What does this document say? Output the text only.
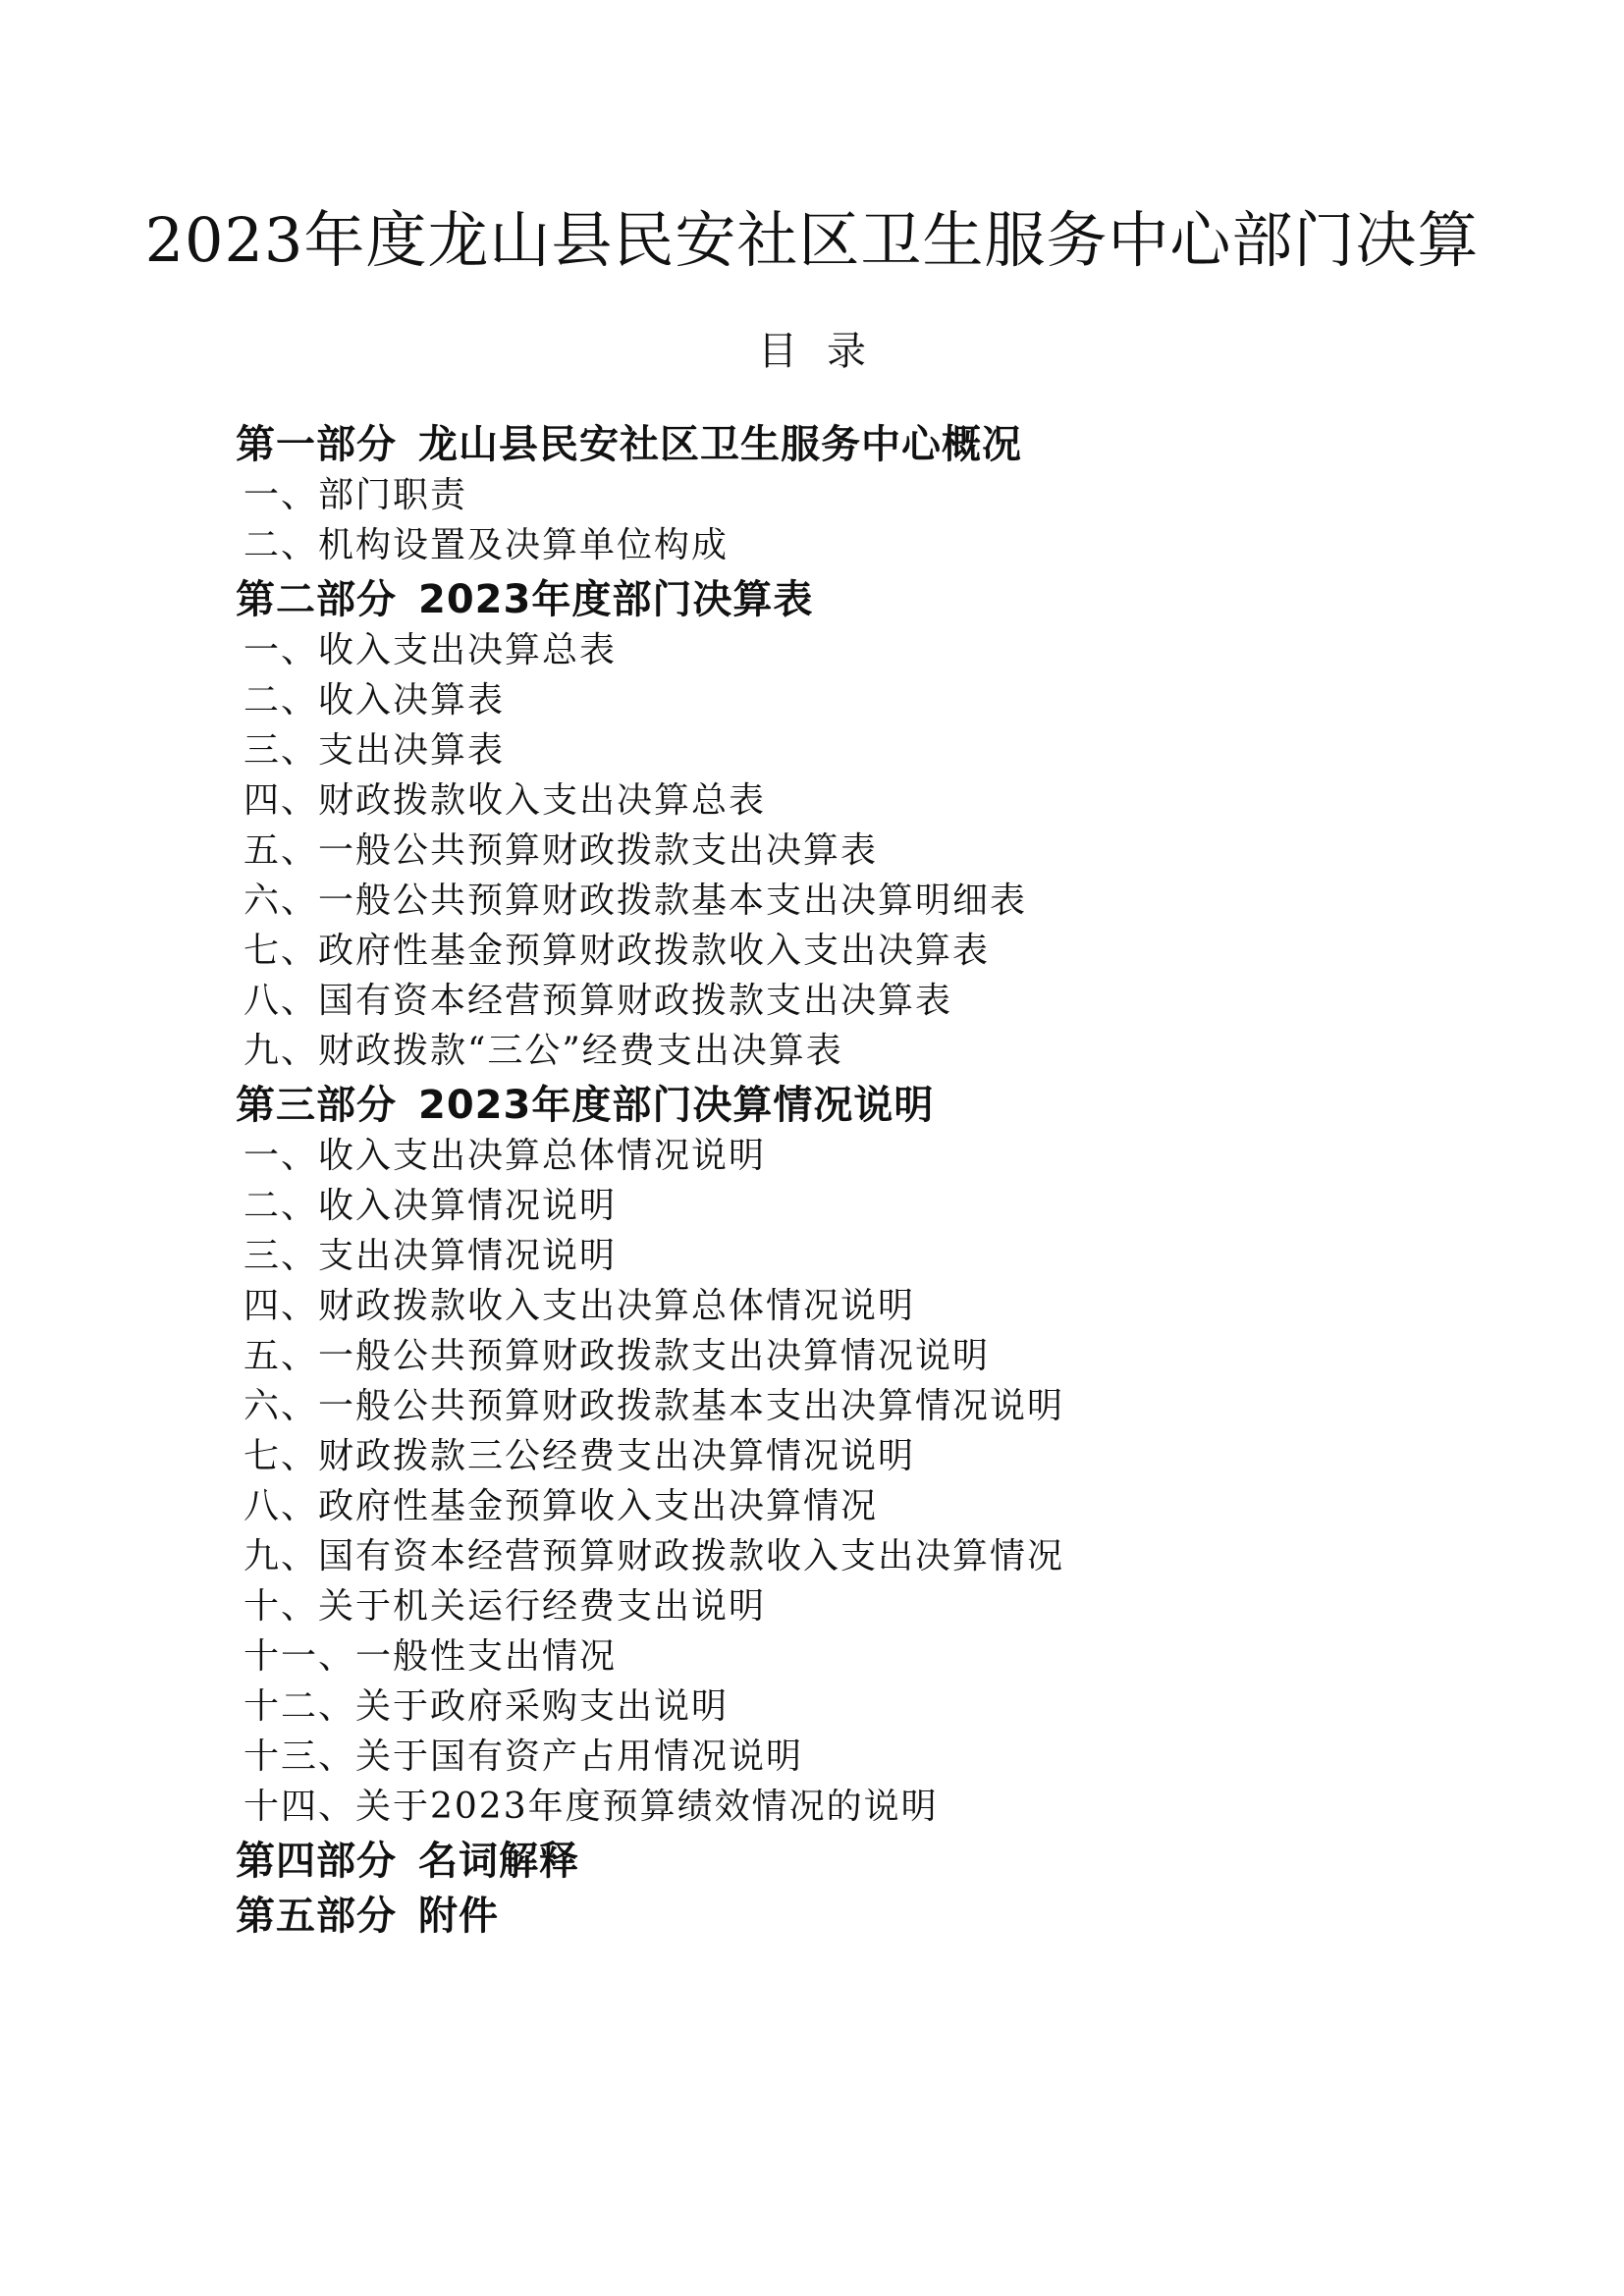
2023年度龙山县民安社区卫生服务中心部门决算
目录
第一部分 龙山县民安社区卫生服务中心概况
一、部门职责
二、机构设置及决算单位构成
第二部分 2023年度部门决算表
一、收入支出决算总表
二、收入决算表
三、支出决算表
四、财政拨款收入支出决算总表
五、一般公共预算财政拨款支出决算表
六、一般公共预算财政拨款基本支出决算明细表
七、政府性基金预算财政拨款收入支出决算表
八、国有资本经营预算财政拨款支出决算表
九、财政拨款“三公”经费支出决算表
第三部分 2023年度部门决算情况说明
一、收入支出决算总体情况说明
二、收入决算情况说明
三、支出决算情况说明
四、财政拨款收入支出决算总体情况说明
五、一般公共预算财政拨款支出决算情况说明
六、一般公共预算财政拨款基本支出决算情况说明
七、财政拨款三公经费支出决算情况说明
八、政府性基金预算收入支出决算情况
九、国有资本经营预算财政拨款收入支出决算情况
十、关于机关运行经费支出说明
十一、一般性支出情况
十二、关于政府采购支出说明
十三、关于国有资产占用情况说明
十四、关于2023年度预算绩效情况的说明
第四部分 名词解释
第五部分 附件
